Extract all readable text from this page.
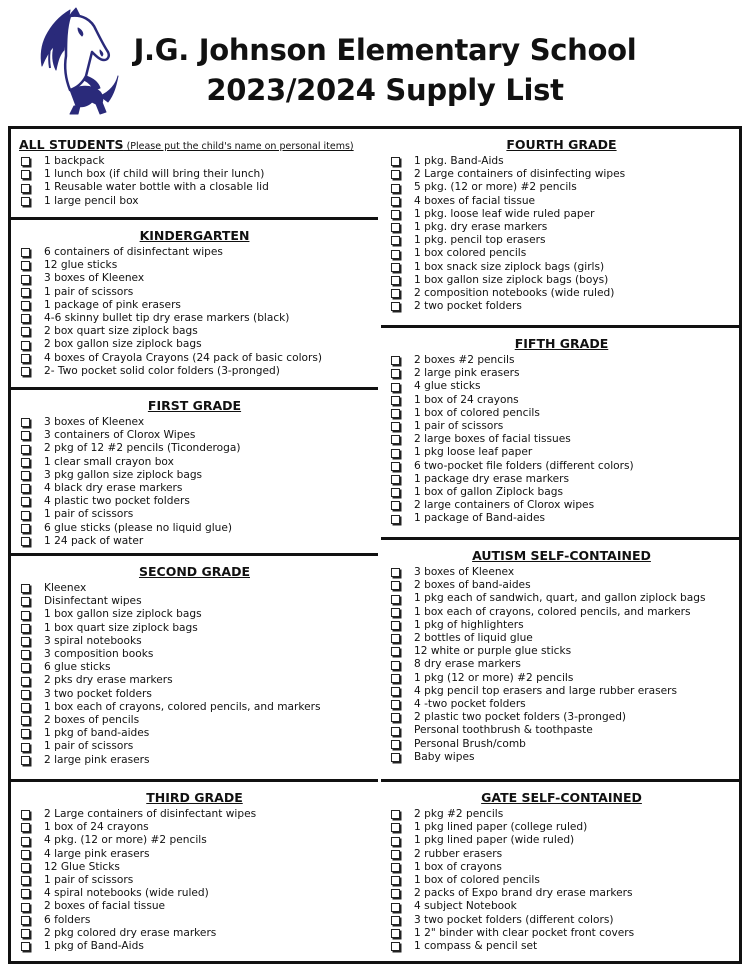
J.G. Johnson Elementary School
2023/2024 Supply List
ALL STUDENTS (Please put the child's name on personal items)
1 backpack
1 lunch box (if child will bring their lunch)
1 Reusable water bottle with a closable lid
1 large pencil box
KINDERGARTEN
6 containers of disinfectant wipes
12 glue sticks
3 boxes of Kleenex
1 pair of scissors
1 package of pink erasers
4-6 skinny bullet tip dry erase markers (black)
2 box quart size ziplock bags
2 box gallon size ziplock bags
4 boxes of Crayola Crayons (24 pack of basic colors)
2- Two pocket solid color folders (3-pronged)
FIRST GRADE
3 boxes of Kleenex
3 containers of Clorox Wipes
2 pkg of 12 #2 pencils (Ticonderoga)
1 clear small crayon box
3 pkg gallon size ziplock bags
4 black dry erase markers
4 plastic two pocket folders
1 pair of scissors
6 glue sticks (please no liquid glue)
1 24 pack of water
SECOND GRADE
Kleenex
Disinfectant wipes
1 box gallon size ziplock bags
1 box quart size ziplock bags
3 spiral notebooks
3 composition books
6 glue sticks
2 pks dry erase markers
3 two pocket folders
1 box each of crayons, colored pencils, and markers
2 boxes of pencils
1 pkg of band-aides
1 pair of scissors
2 large pink erasers
THIRD GRADE
2 Large containers of disinfectant wipes
1 box of 24 crayons
4 pkg. (12 or more) #2 pencils
4 large pink erasers
12 Glue Sticks
1 pair of scissors
4 spiral notebooks (wide ruled)
2 boxes of facial tissue
6 folders
2 pkg colored dry erase markers
1 pkg of Band-Aids
FOURTH GRADE
1 pkg. Band-Aids
2 Large containers of disinfecting wipes
5 pkg. (12 or more) #2 pencils
4 boxes of facial tissue
1 pkg. loose leaf wide ruled paper
1 pkg. dry erase markers
1 pkg. pencil top erasers
1 box colored pencils
1 box snack size ziplock bags (girls)
1 box gallon size ziplock bags (boys)
2 composition notebooks (wide ruled)
2 two pocket folders
FIFTH GRADE
2 boxes #2 pencils
2 large pink erasers
4 glue sticks
1 box of 24 crayons
1 box of colored pencils
1 pair of scissors
2 large boxes of facial tissues
1 pkg loose leaf paper
6 two-pocket file folders (different colors)
1 package dry erase markers
1 box of gallon Ziplock bags
2 large containers of Clorox wipes
1 package of Band-aides
AUTISM SELF-CONTAINED
3 boxes of Kleenex
2 boxes of band-aides
1 pkg each of sandwich, quart, and gallon ziplock bags
1 box each of crayons, colored pencils, and markers
1 pkg of highlighters
2 bottles of liquid glue
12 white or purple glue sticks
8 dry erase markers
1 pkg (12 or more) #2 pencils
4 pkg pencil top erasers and large rubber erasers
4 -two pocket folders
2 plastic two pocket folders (3-pronged)
Personal toothbrush & toothpaste
Personal Brush/comb
Baby wipes
GATE SELF-CONTAINED
2 pkg #2 pencils
1 pkg lined paper (college ruled)
1 pkg lined paper (wide ruled)
2 rubber erasers
1 box of crayons
1 box of colored pencils
2 packs of Expo brand dry erase markers
4 subject Notebook
3 two pocket folders (different colors)
1 2" binder with clear pocket front covers
1 compass & pencil set
